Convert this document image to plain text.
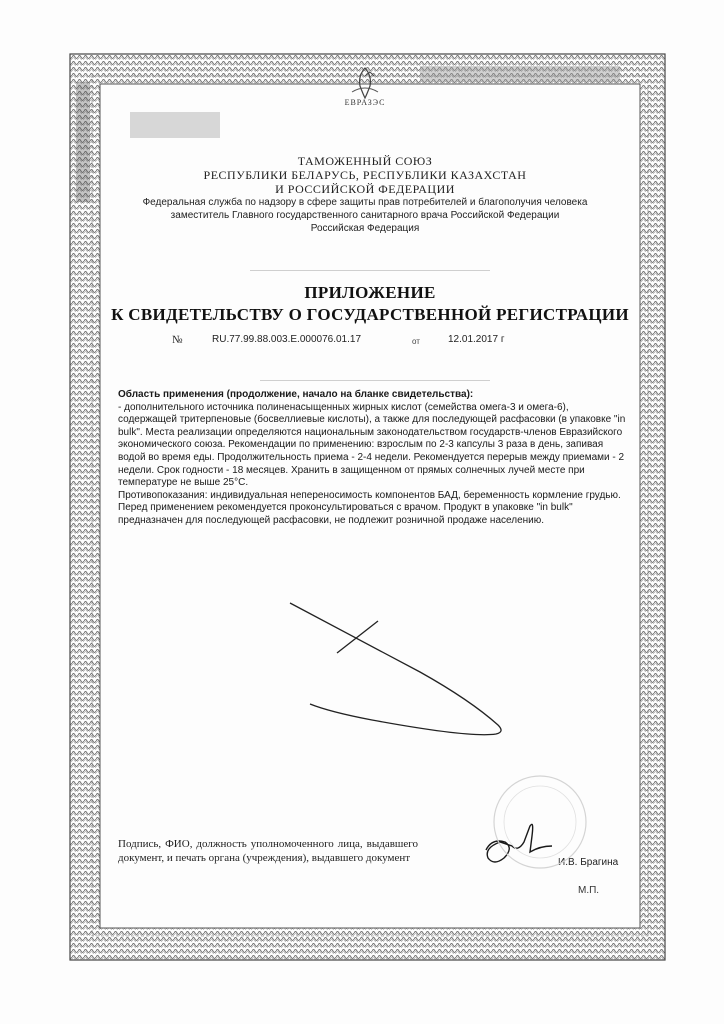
ЕВРАЗЭС
ТАМОЖЕННЫЙ СОЮЗ
РЕСПУБЛИКИ БЕЛАРУСЬ, РЕСПУБЛИКИ КАЗАХСТАН
И РОССИЙСКОЙ ФЕДЕРАЦИИ
Федеральная служба по надзору в сфере защиты прав потребителей и благополучия человека
заместитель Главного государственного санитарного врача Российской Федерации
Российская Федерация
ПРИЛОЖЕНИЕ
К СВИДЕТЕЛЬСТВУ О ГОСУДАРСТВЕННОЙ РЕГИСТРАЦИИ
№	RU.77.99.88.003.Е.000076.01.17	от	12.01.2017 г

Область применения (продолжение, начало на бланке свидетельства):

- дополнительного источника полиненасыщенных жирных кислот (семейства омега-3 и омега-6), содержащей тритерпеновые (босвеллиевые кислоты), а также для последующей расфасовки (в упаковке "in bulk". Места реализации определяются национальным законодательством государств-членов Евразийского экономического союза. Рекомендации по применению: взрослым по 2-3 капсулы 3 раза в день, запивая водой во время еды. Продолжительность приема - 2-4 недели. Рекомендуется перерыв между приемами - 2 недели. Срок годности - 18 месяцев. Хранить в защищенном от прямых солнечных лучей месте при температуре не выше 25°С.

Противопоказания: индивидуальная непереносимость компонентов БАД, беременность кормление грудью. Перед применением рекомендуется проконсультироваться с врачом. Продукт в упаковке "in bulk" предназначен для последующей расфасовки, не подлежит розничной продаже населению.

Подпись, ФИО, должность уполномоченного лица, выдавшего документ, и печать органа (учреждения), выдавшего документ	И.В. Брагина
М.П.
